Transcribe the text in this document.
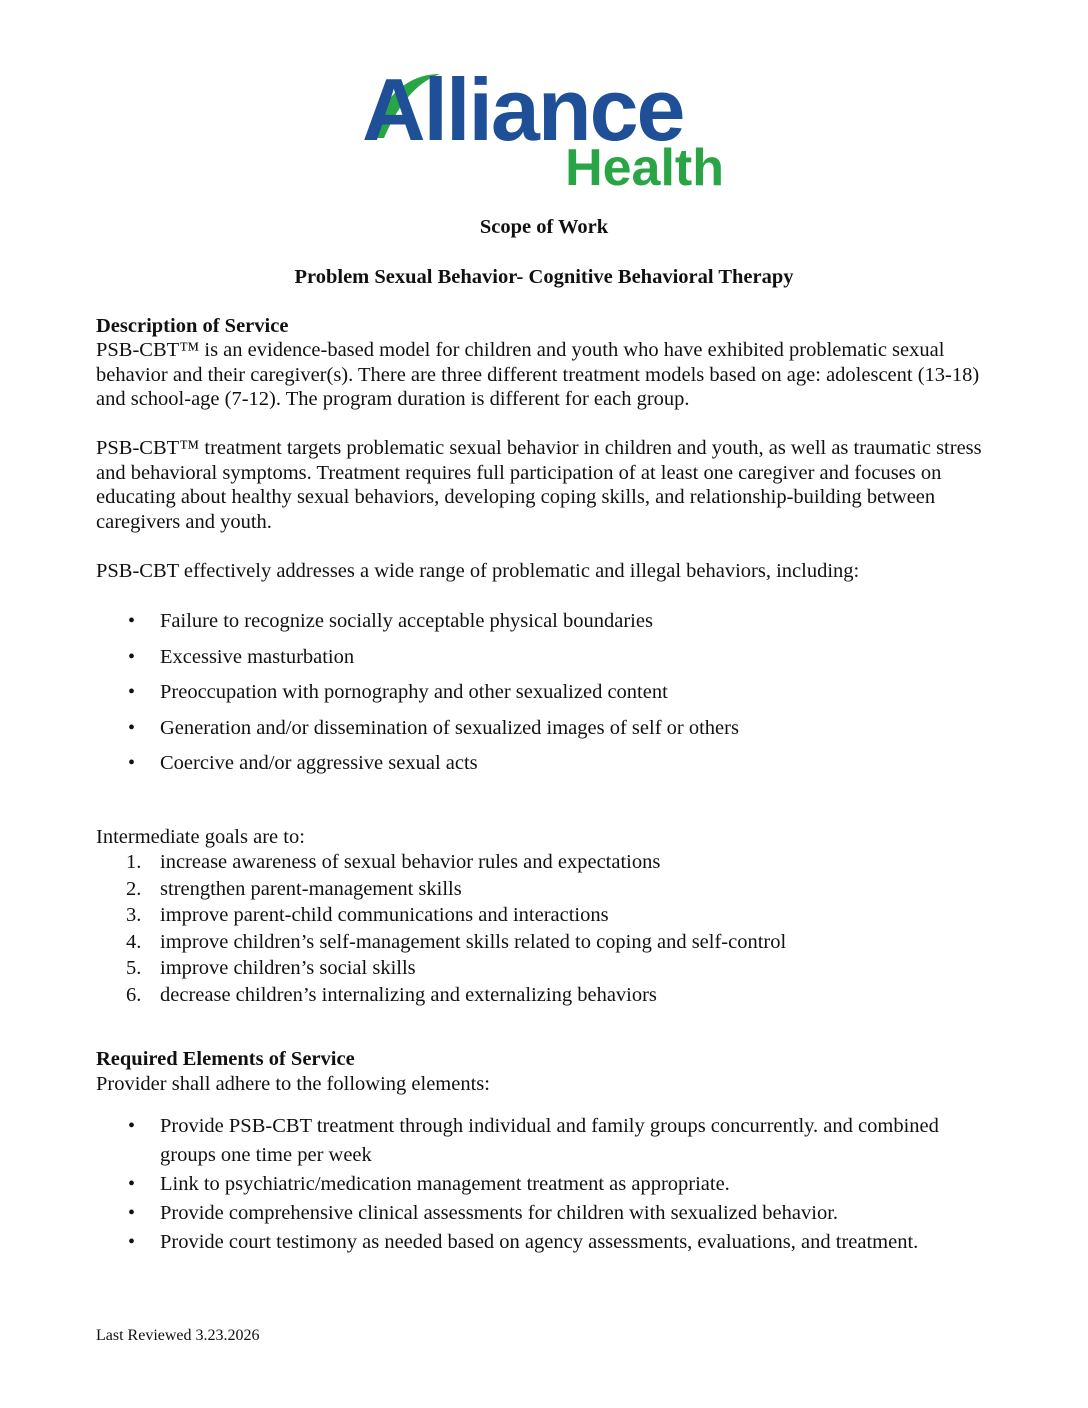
Alliance
Health
Scope of Work
Problem Sexual Behavior- Cognitive Behavioral Therapy
Description of Service
PSB-CBT™ is an evidence-based model for children and youth who have exhibited problematic sexual behavior and their caregiver(s). There are three different treatment models based on age: adolescent (13-18) and school-age (7-12). The program duration is different for each group.
PSB-CBT™ treatment targets problematic sexual behavior in children and youth, as well as traumatic stress and behavioral symptoms. Treatment requires full participation of at least one caregiver and focuses on educating about healthy sexual behaviors, developing coping skills, and relationship-building between caregivers and youth.
PSB-CBT effectively addresses a wide range of problematic and illegal behaviors, including:
• Failure to recognize socially acceptable physical boundaries
• Excessive masturbation
• Preoccupation with pornography and other sexualized content
• Generation and/or dissemination of sexualized images of self or others
• Coercive and/or aggressive sexual acts
Intermediate goals are to:
1. increase awareness of sexual behavior rules and expectations
2. strengthen parent-management skills
3. improve parent-child communications and interactions
4. improve children’s self-management skills related to coping and self-control
5. improve children’s social skills
6. decrease children’s internalizing and externalizing behaviors
Required Elements of Service
Provider shall adhere to the following elements:
• Provide PSB-CBT treatment through individual and family groups concurrently. and combined groups one time per week
• Link to psychiatric/medication management treatment as appropriate.
• Provide comprehensive clinical assessments for children with sexualized behavior.
• Provide court testimony as needed based on agency assessments, evaluations, and treatment.
Last Reviewed 3.23.2026
